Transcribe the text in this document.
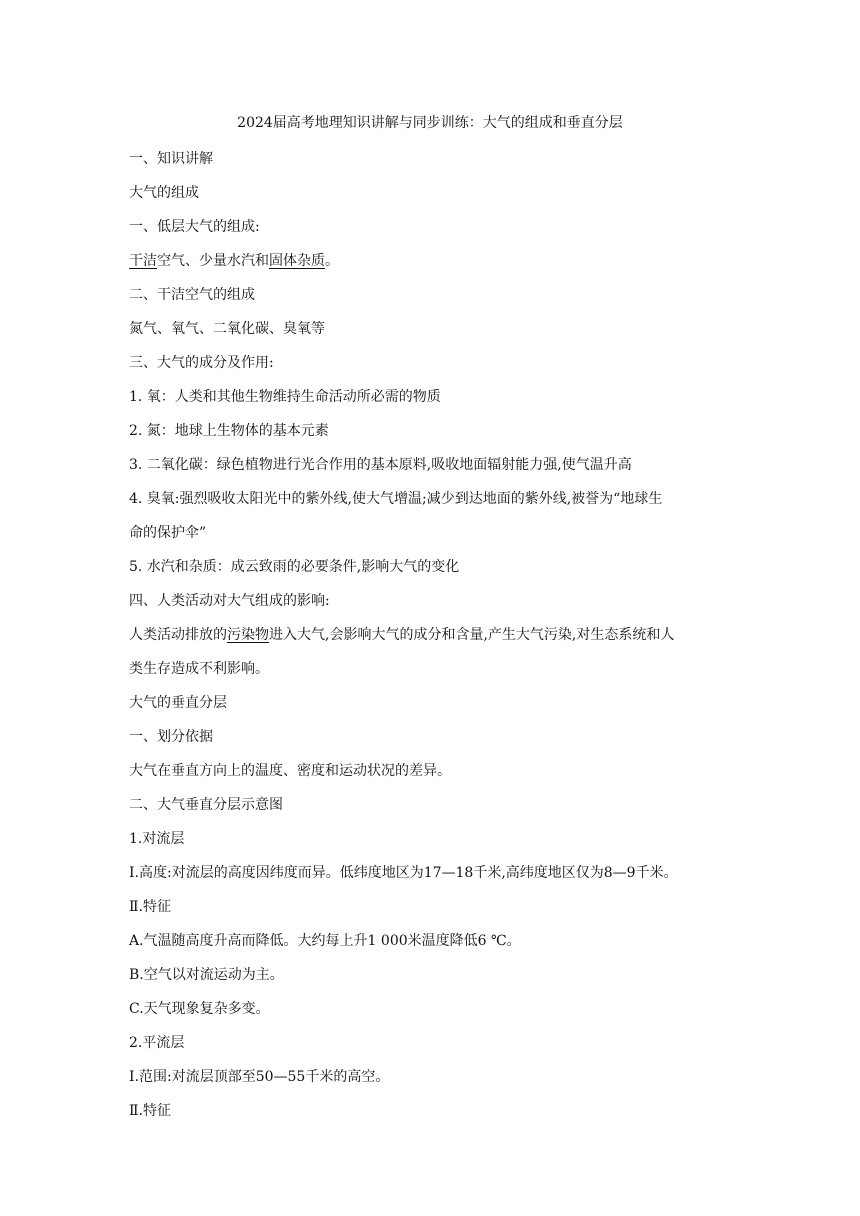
2024届高考地理知识讲解与同步训练：大气的组成和垂直分层
一、知识讲解
大气的组成
一、低层大气的组成:
干洁空气、少量水汽和固体杂质。
二、干洁空气的组成
氮气、氧气、二氧化碳、臭氧等
三、大气的成分及作用:
1. 氧：人类和其他生物维持生命活动所必需的物质
2. 氮：地球上生物体的基本元素
3. 二氧化碳：绿色植物进行光合作用的基本原料,吸收地面辐射能力强,使气温升高
4. 臭氧:强烈吸收太阳光中的紫外线,使大气增温;减少到达地面的紫外线,被誉为“地球生
命的保护伞”
5. 水汽和杂质：成云致雨的必要条件,影响大气的变化
四、人类活动对大气组成的影响:
人类活动排放的污染物进入大气,会影响大气的成分和含量,产生大气污染,对生态系统和人
类生存造成不利影响。
大气的垂直分层
一、划分依据
大气在垂直方向上的温度、密度和运动状况的差异。
二、大气垂直分层示意图
1.对流层
Ⅰ.高度:对流层的高度因纬度而异。低纬度地区为17—18千米,高纬度地区仅为8—9千米。
Ⅱ.特征
A.气温随高度升高而降低。大约每上升1 000米温度降低6 ℃。
B.空气以对流运动为主。
C.天气现象复杂多变。
2.平流层
Ⅰ.范围:对流层顶部至50—55千米的高空。
Ⅱ.特征
